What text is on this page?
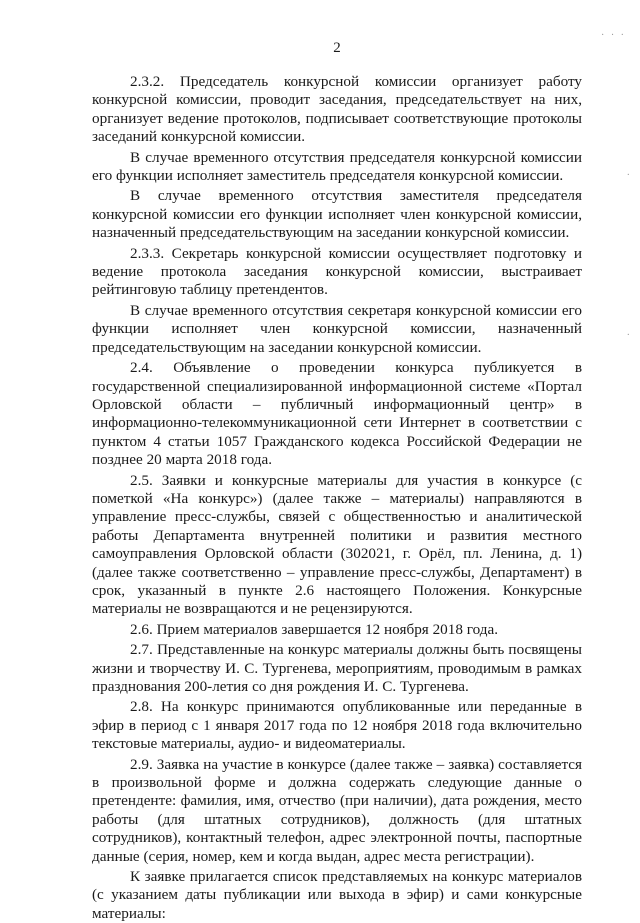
2

2.3.2. Председатель конкурсной комиссии организует работу конкурсной комиссии, проводит заседания, председательствует на них, организует ведение протоколов, подписывает соответствующие протоколы заседаний конкурсной комиссии.

В случае временного отсутствия председателя конкурсной комиссии его функции исполняет заместитель председателя конкурсной комиссии.

В случае временного отсутствия заместителя председателя конкурсной комиссии его функции исполняет член конкурсной комиссии, назначенный председательствующим на заседании конкурсной комиссии.

2.3.3. Секретарь конкурсной комиссии осуществляет подготовку и ведение протокола заседания конкурсной комиссии, выстраивает рейтинговую таблицу претендентов.

В случае временного отсутствия секретаря конкурсной комиссии его функции исполняет член конкурсной комиссии, назначенный председательствующим на заседании конкурсной комиссии.

2.4. Объявление о проведении конкурса публикуется в государственной специализированной информационной системе «Портал Орловской области – публичный информационный центр» в информационно-телекоммуникационной сети Интернет в соответствии с пунктом 4 статьи 1057 Гражданского кодекса Российской Федерации не позднее 20 марта 2018 года.

2.5. Заявки и конкурсные материалы для участия в конкурсе (с пометкой «На конкурс») (далее также – материалы) направляются в управление пресс-службы, связей с общественностью и аналитической работы Департамента внутренней политики и развития местного самоуправления Орловской области (302021, г. Орёл, пл. Ленина, д. 1) (далее также соответственно – управление пресс-службы, Департамент) в срок, указанный в пункте 2.6 настоящего Положения. Конкурсные материалы не возвращаются и не рецензируются.

2.6. Прием материалов завершается 12 ноября 2018 года.

2.7. Представленные на конкурс материалы должны быть посвящены жизни и творчеству И. С. Тургенева, мероприятиям, проводимым в рамках празднования 200-летия со дня рождения И. С. Тургенева.

2.8. На конкурс принимаются опубликованные или переданные в эфир в период с 1 января 2017 года по 12 ноября 2018 года включительно текстовые материалы, аудио- и видеоматериалы.

2.9. Заявка на участие в конкурсе (далее также – заявка) составляется в произвольной форме и должна содержать следующие данные о претенденте: фамилия, имя, отчество (при наличии), дата рождения, место работы (для штатных сотрудников), должность (для штатных сотрудников), контактный телефон, адрес электронной почты, паспортные данные (серия, номер, кем и когда выдан, адрес места регистрации).

К заявке прилагается список представляемых на конкурс материалов (с указанием даты публикации или выхода в эфир) и сами конкурсные материалы:

· · ·
·
·
